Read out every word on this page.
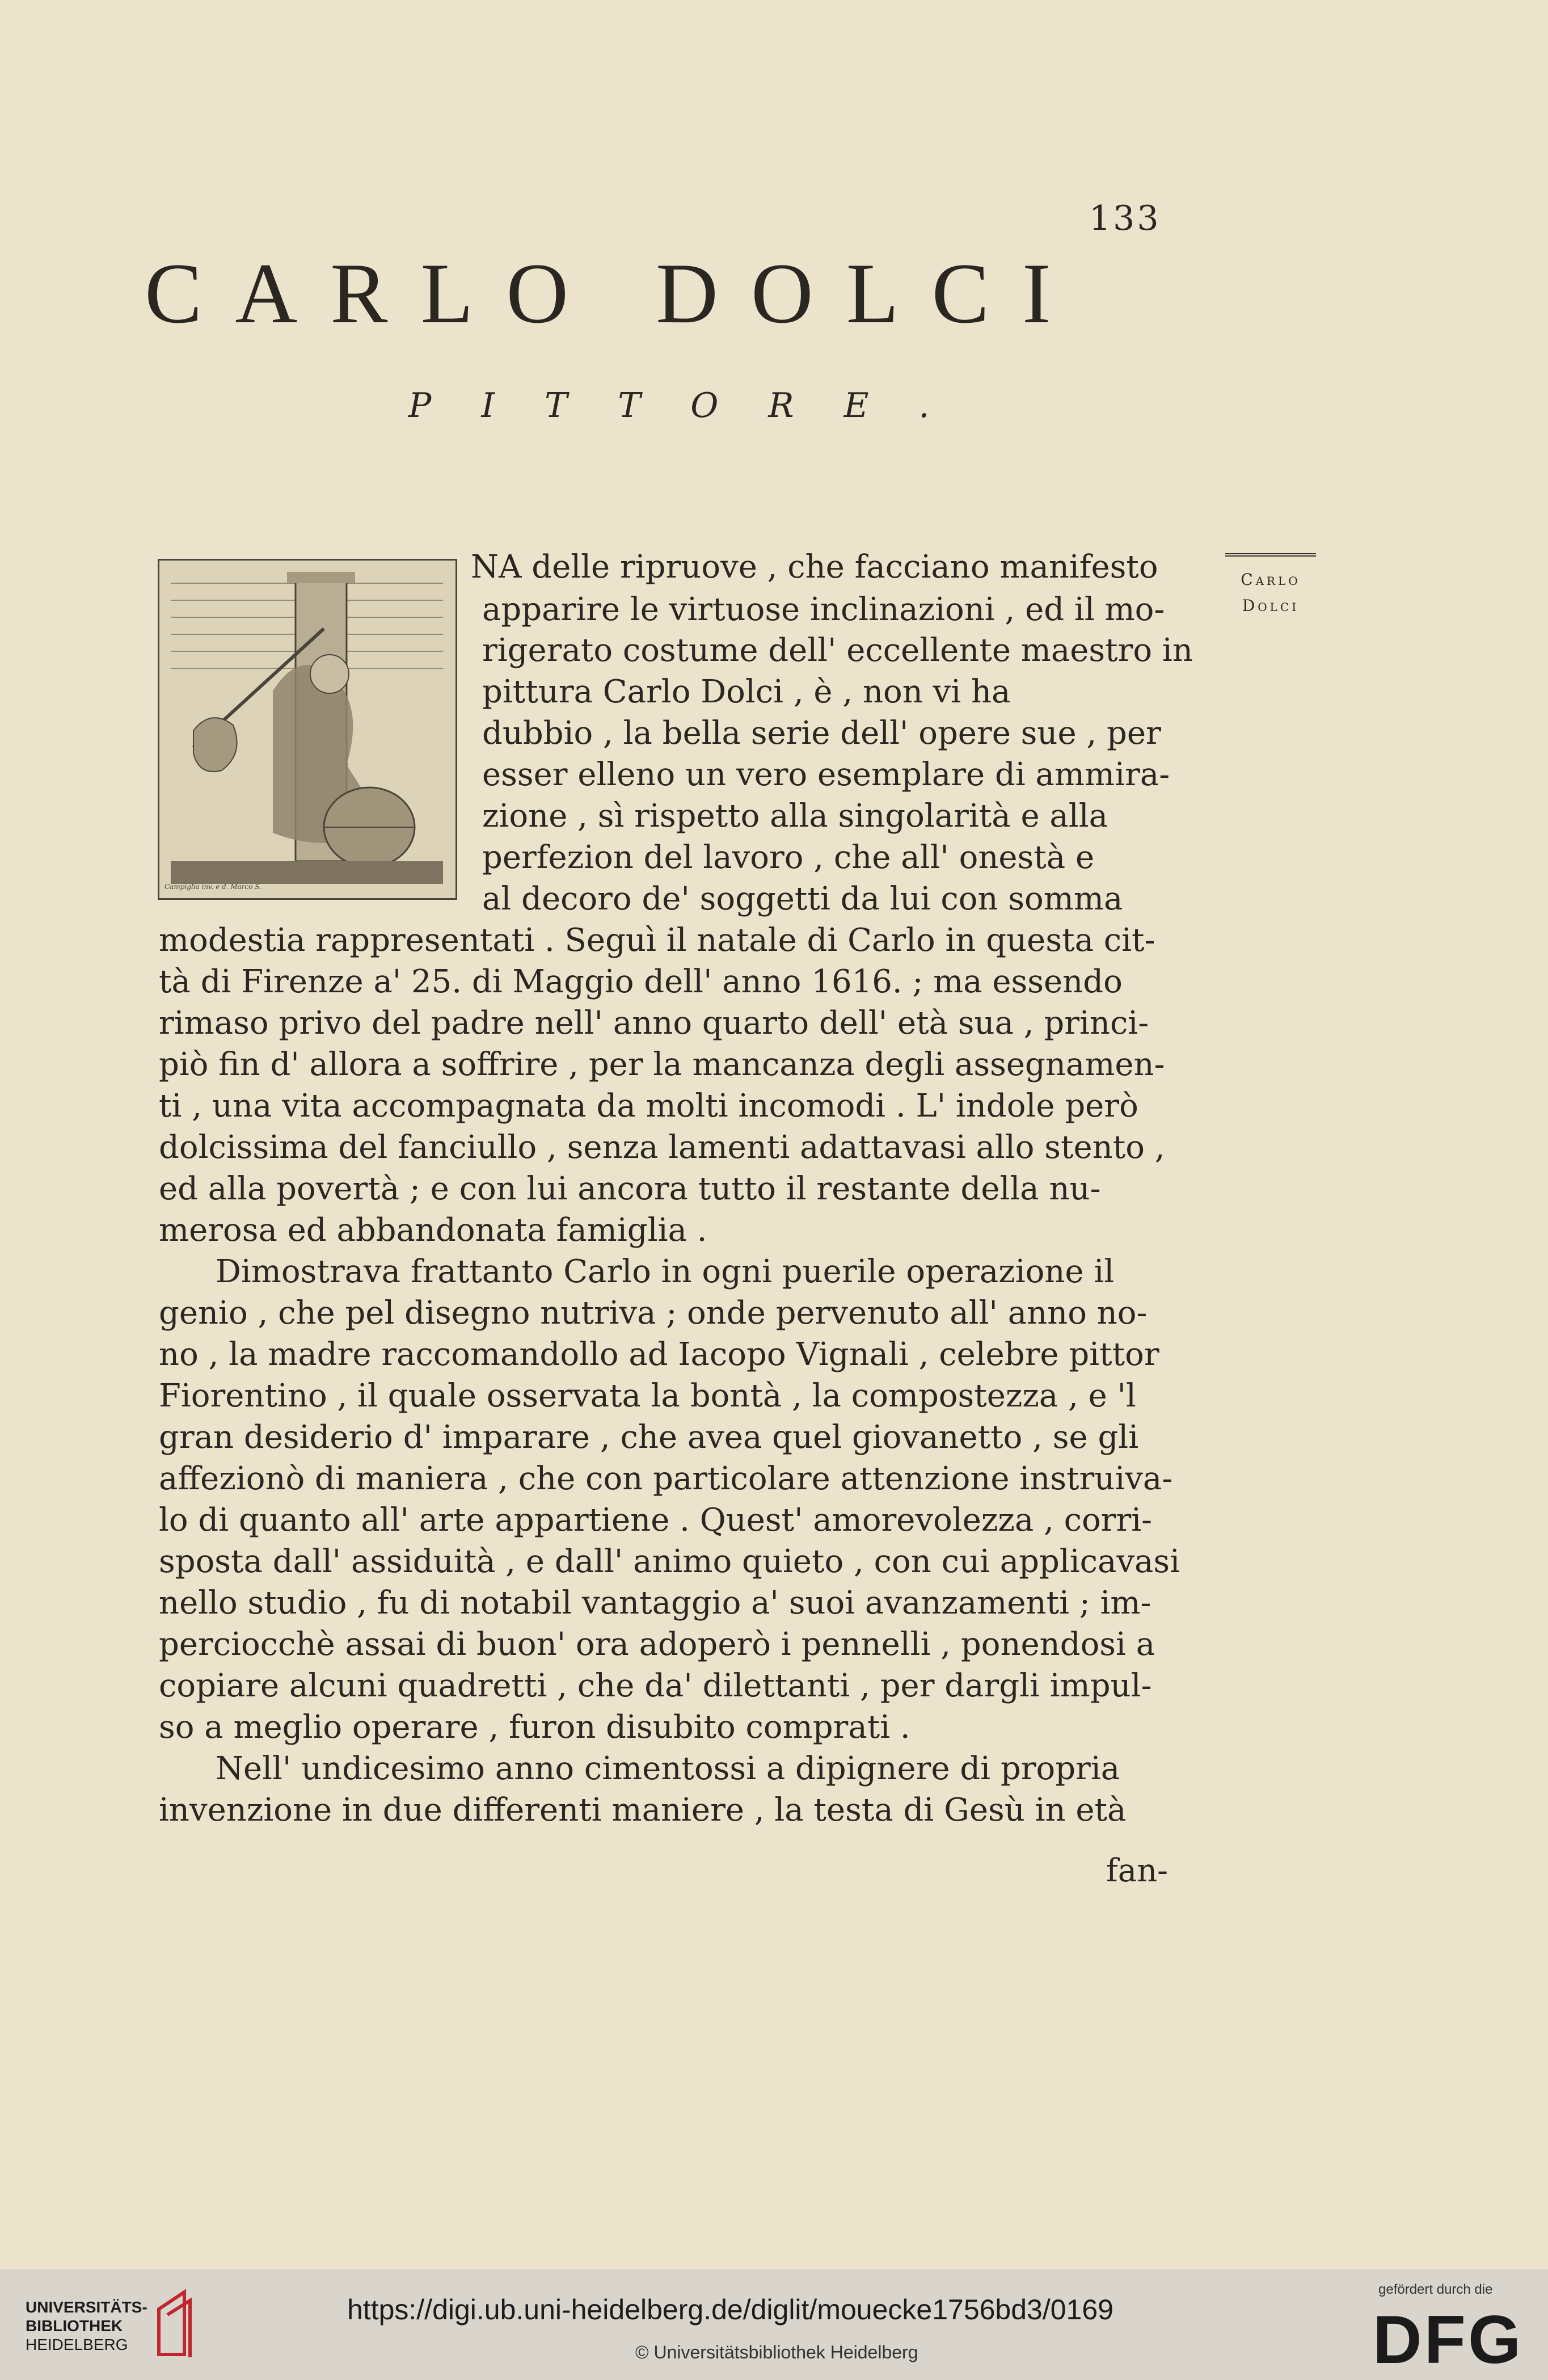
133
CARLO DOLCI
PITTORE.
Carlo
Dolci
Campiglia inv. e d. Marco S.
NA delle ripruove , che facciano manifesto
apparire le virtuose inclinazioni , ed il mo-
rigerato costume dell' eccellente maestro in
pittura Carlo Dolci , è , non vi ha
dubbio , la bella serie dell' opere sue , per
esser elleno un vero esemplare di ammira-
zione , sì rispetto alla singolarità e alla
perfezion del lavoro , che all' onestà e
al decoro de' soggetti da lui con somma
modestia rappresentati . Seguì il natale di Carlo in questa cit-
tà di Firenze a' 25. di Maggio dell' anno 1616. ; ma essendo
rimaso privo del padre nell' anno quarto dell' età sua , princi-
piò fin d' allora a soffrire , per la mancanza degli assegnamen-
ti , una vita accompagnata da molti incomodi . L' indole però
dolcissima del fanciullo , senza lamenti adattavasi allo stento ,
ed alla povertà ; e con lui ancora tutto il restante della nu-
merosa ed abbandonata famiglia .
Dimostrava frattanto Carlo in ogni puerile operazione il
genio , che pel disegno nutriva ; onde pervenuto all' anno no-
no , la madre raccomandollo ad Iacopo Vignali , celebre pittor
Fiorentino , il quale osservata la bontà , la compostezza , e 'l
gran desiderio d' imparare , che avea quel giovanetto , se gli
affezionò di maniera , che con particolare attenzione instruiva-
lo di quanto all' arte appartiene . Quest' amorevolezza , corri-
sposta dall' assiduità , e dall' animo quieto , con cui applicavasi
nello studio , fu di notabil vantaggio a' suoi avanzamenti ; im-
perciocchè assai di buon' ora adoperò i pennelli , ponendosi a
copiare alcuni quadretti , che da' dilettanti , per dargli impul-
so a meglio operare , furon disubito comprati .
Nell' undicesimo anno cimentossi a dipignere di propria
invenzione in due differenti maniere , la testa di Gesù in età
fan-
UNIVERSITÄTS-
BIBLIOTHEK
HEIDELBERG
https://digi.ub.uni-heidelberg.de/diglit/mouecke1756bd3/0169
© Universitätsbibliothek Heidelberg
gefördert durch die
DFG
